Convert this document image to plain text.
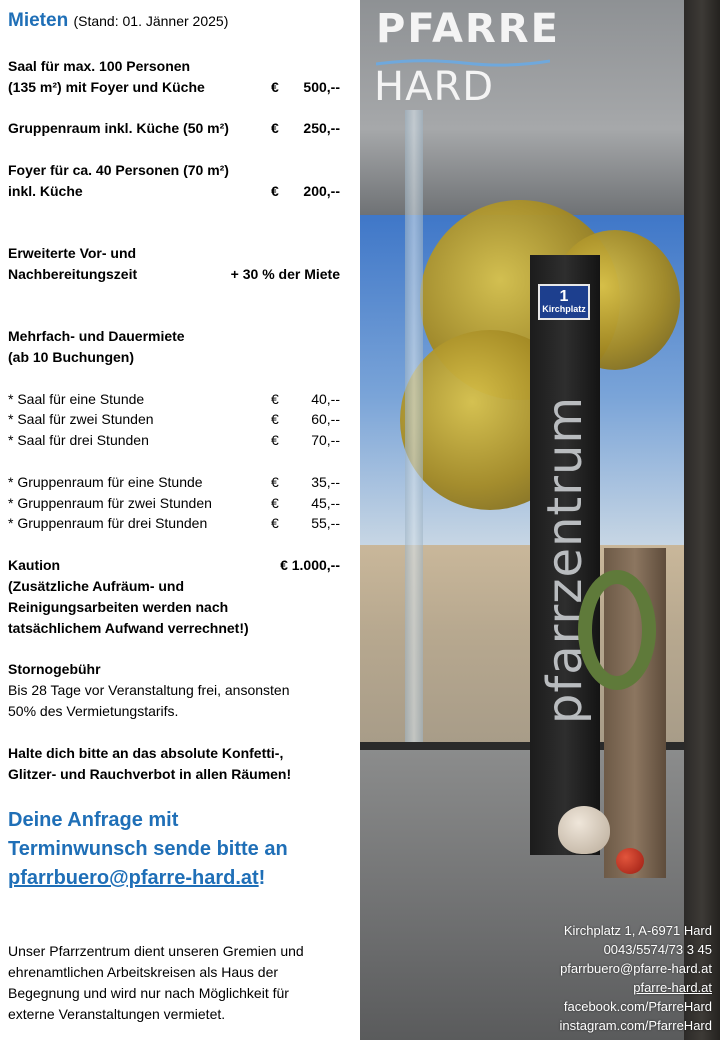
Mieten (Stand: 01. Jänner 2025)
Saal für max. 100 Personen
(135 m²) mit Foyer und Küche	€ 500,--
Gruppenraum inkl. Küche (50 m²)	€ 250,--
Foyer für ca. 40 Personen (70 m²)
inkl. Küche	€ 200,--
Erweiterte Vor- und
Nachbereitungszeit	+ 30 % der Miete
Mehrfach- und Dauermiete
(ab 10 Buchungen)
* Saal für eine Stunde	€ 40,--
* Saal für zwei Stunden	€ 60,--
* Saal für drei Stunden	€ 70,--
* Gruppenraum für eine Stunde	€ 35,--
* Gruppenraum für zwei Stunden	€ 45,--
* Gruppenraum für drei Stunden	€ 55,--
Kaution	€ 1.000,--
(Zusätzliche Aufräum- und
Reinigungsarbeiten werden nach
tatsächlichem Aufwand verrechnet!)
Stornogebühr
Bis 28 Tage vor Veranstaltung frei, ansonsten
50% des Vermietungstarifs.
Halte dich bitte an das absolute Konfetti-,
Glitzer- und Rauchverbot in allen Räumen!
Deine Anfrage mit
Terminwunsch sende bitte an
pfarrbuero@pfarre-hard.at!
Unser Pfarrzentrum dient unseren Gremien und
ehrenamtlichen Arbeitskreisen als Haus der
Begegnung und wird nur nach Möglichkeit für
externe Veranstaltungen vermietet.
1
Kirchplatz
pfarrzentrum
PFARRE
HARD
Kirchplatz 1, A-6971 Hard
0043/5574/73 3 45
pfarrbuero@pfarre-hard.at
pfarre-hard.at
facebook.com/PfarreHard
instagram.com/PfarreHard
